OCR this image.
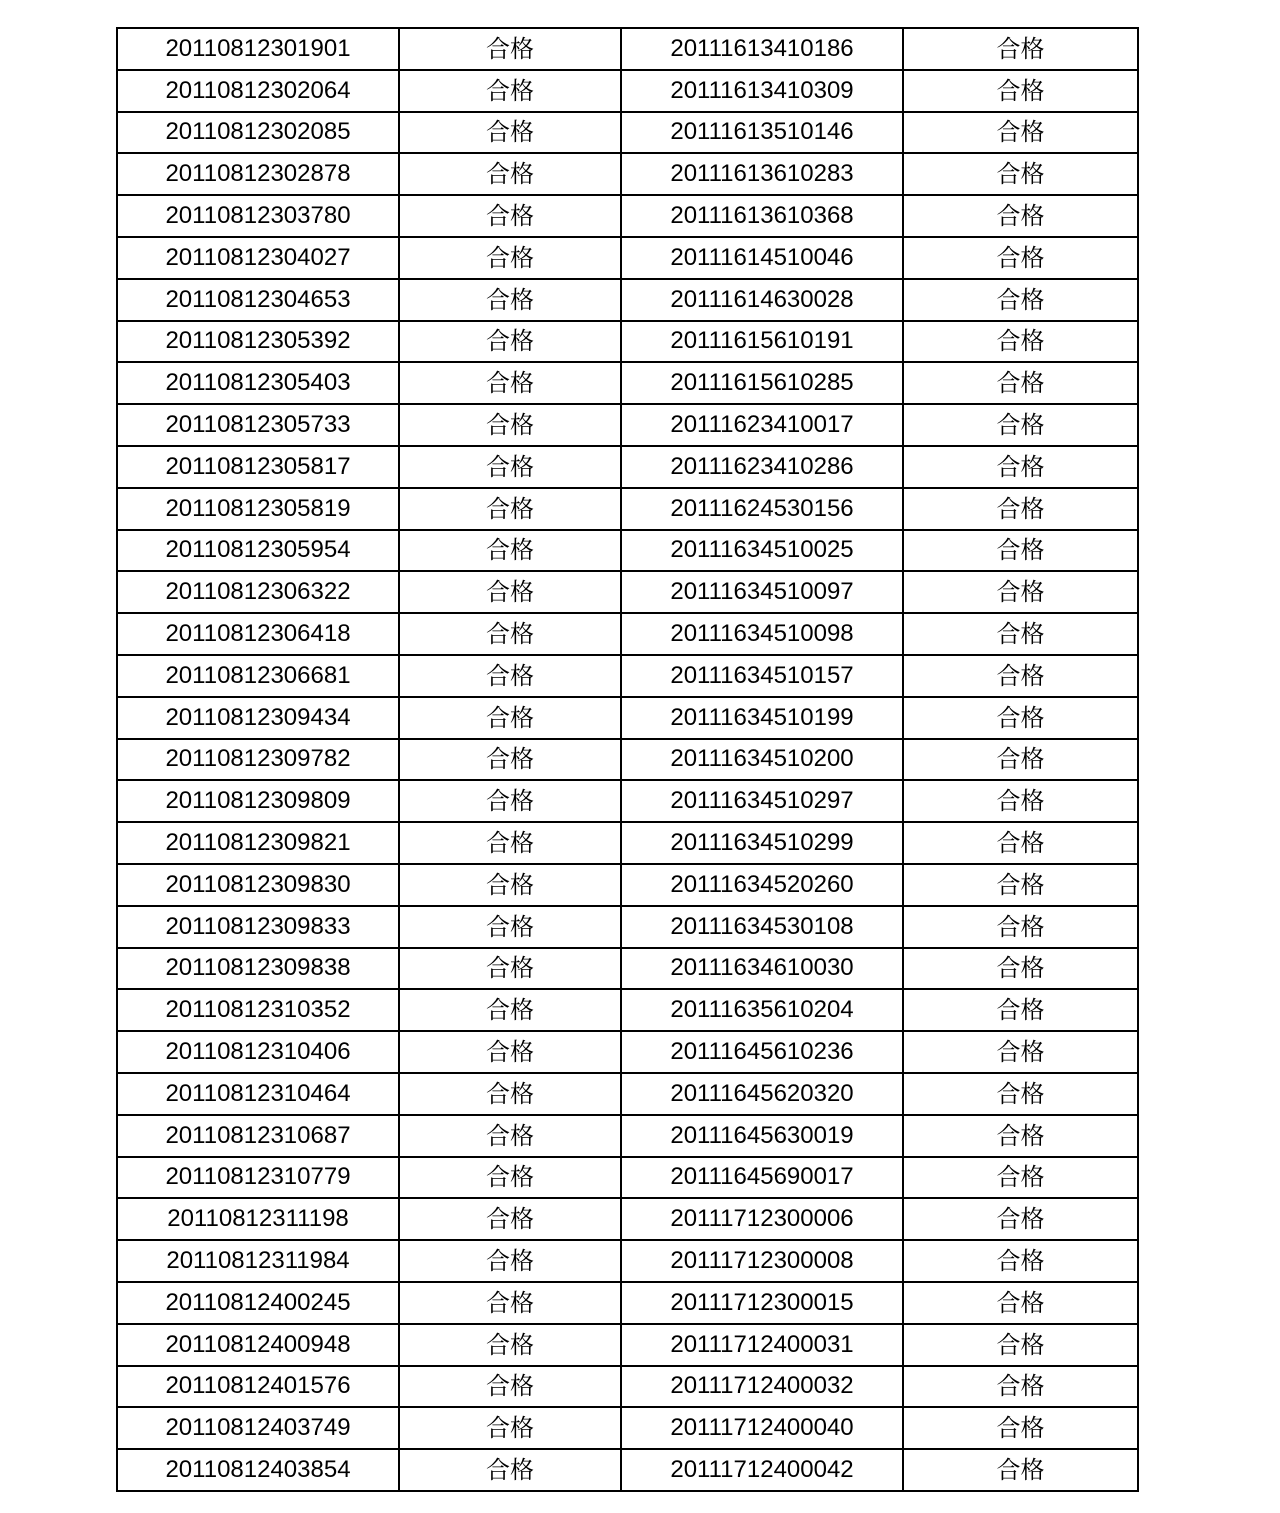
20110812301901	合格	20111613410186	合格
20110812302064	合格	20111613410309	合格
20110812302085	合格	20111613510146	合格
20110812302878	合格	20111613610283	合格
20110812303780	合格	20111613610368	合格
20110812304027	合格	20111614510046	合格
20110812304653	合格	20111614630028	合格
20110812305392	合格	20111615610191	合格
20110812305403	合格	20111615610285	合格
20110812305733	合格	20111623410017	合格
20110812305817	合格	20111623410286	合格
20110812305819	合格	20111624530156	合格
20110812305954	合格	20111634510025	合格
20110812306322	合格	20111634510097	合格
20110812306418	合格	20111634510098	合格
20110812306681	合格	20111634510157	合格
20110812309434	合格	20111634510199	合格
20110812309782	合格	20111634510200	合格
20110812309809	合格	20111634510297	合格
20110812309821	合格	20111634510299	合格
20110812309830	合格	20111634520260	合格
20110812309833	合格	20111634530108	合格
20110812309838	合格	20111634610030	合格
20110812310352	合格	20111635610204	合格
20110812310406	合格	20111645610236	合格
20110812310464	合格	20111645620320	合格
20110812310687	合格	20111645630019	合格
20110812310779	合格	20111645690017	合格
20110812311198	合格	20111712300006	合格
20110812311984	合格	20111712300008	合格
20110812400245	合格	20111712300015	合格
20110812400948	合格	20111712400031	合格
20110812401576	合格	20111712400032	合格
20110812403749	合格	20111712400040	合格
20110812403854	合格	20111712400042	合格
